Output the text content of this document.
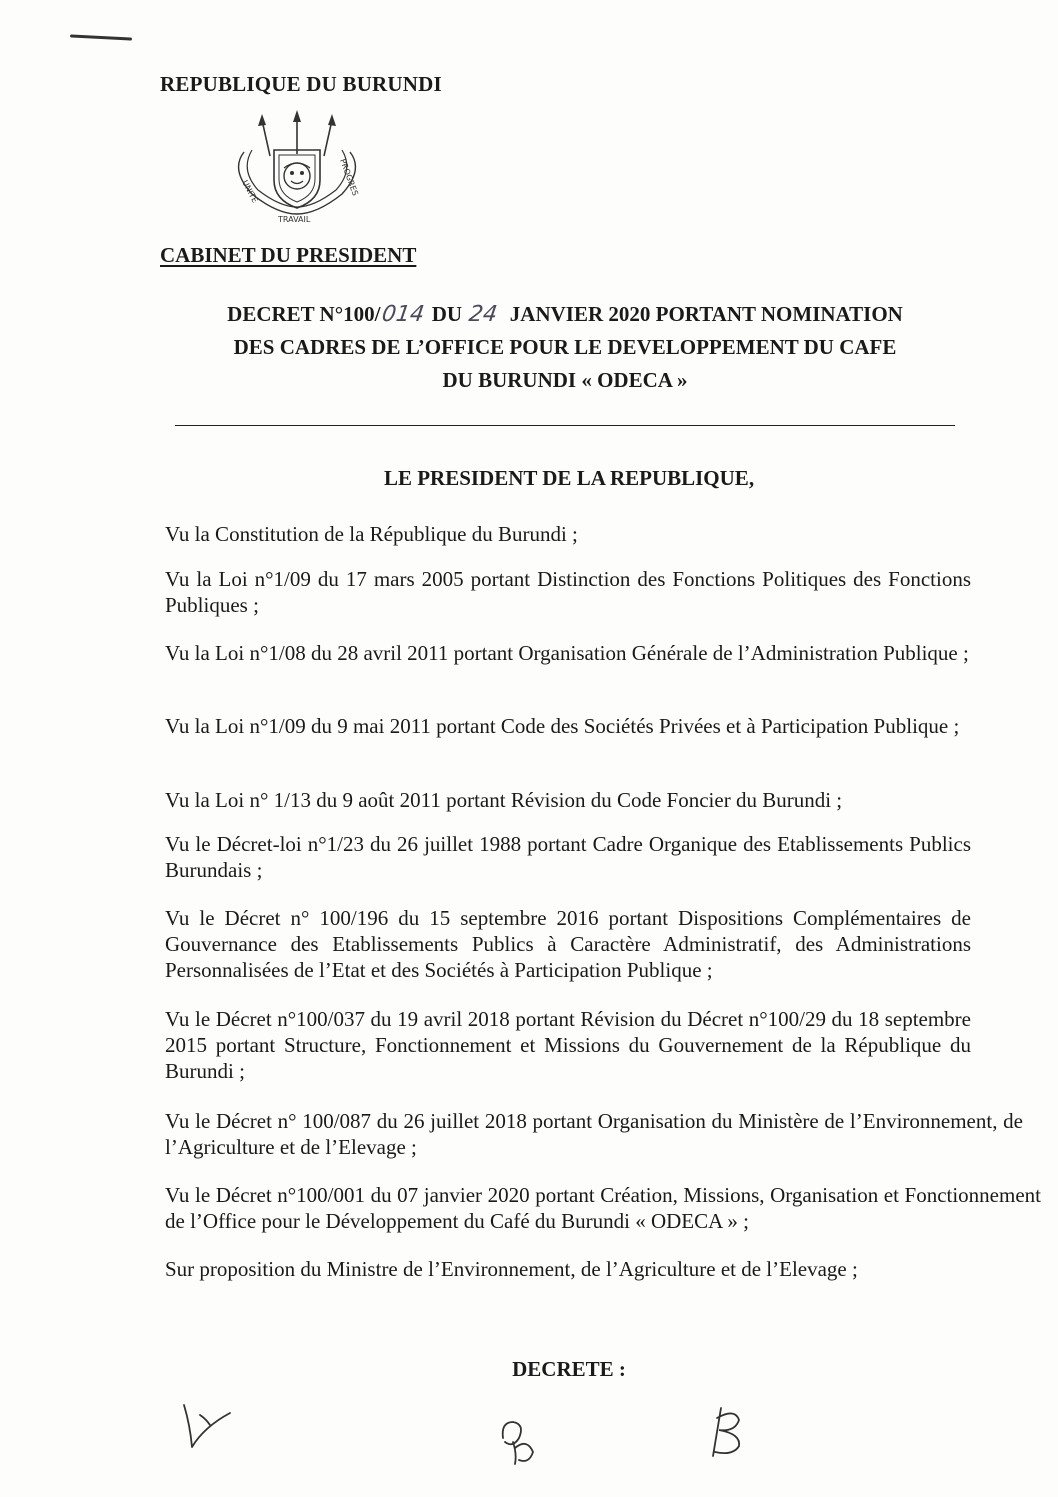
REPUBLIQUE DU BURUNDI
UNITE
TRAVAIL
PROGRES
CABINET DU PRESIDENT
DECRET N°100/014 DU 24 JANVIER 2020 PORTANT NOMINATION
DES CADRES DE L’OFFICE POUR LE DEVELOPPEMENT DU CAFE
DU BURUNDI « ODECA »
LE PRESIDENT DE LA REPUBLIQUE,

Vu la Constitution de la République du Burundi ;

Vu la Loi n°1/09 du 17 mars 2005 portant Distinction des Fonctions Politiques des Fonctions Publiques ;

Vu la Loi n°1/08 du 28 avril 2011 portant Organisation Générale de l’Administration Publique ;

Vu la Loi n°1/09 du 9 mai 2011 portant Code des Sociétés Privées et à Participation Publique ;

Vu la Loi n° 1/13 du 9 août 2011 portant Révision du Code Foncier du Burundi ;

Vu le Décret-loi n°1/23 du 26 juillet 1988 portant Cadre Organique des Etablissements Publics Burundais ;

Vu le Décret n° 100/196 du 15 septembre 2016 portant Dispositions Complémentaires de Gouvernance des Etablissements Publics à Caractère Administratif, des Administrations Personnalisées de l’Etat et des Sociétés à Participation Publique ;

Vu le Décret n°100/037 du 19 avril 2018 portant Révision du Décret n°100/29 du 18 septembre 2015 portant Structure, Fonctionnement et Missions du Gouvernement de la République du Burundi ;

Vu le Décret n° 100/087 du 26 juillet 2018 portant Organisation du Ministère de l’Environnement, de l’Agriculture et de l’Elevage ;

Vu le Décret n°100/001 du 07 janvier 2020 portant Création, Missions, Organisation et Fonctionnement de l’Office pour le Développement du Café du Burundi « ODECA » ;

Sur proposition du Ministre de l’Environnement, de l’Agriculture et de l’Elevage ;

DECRETE :
